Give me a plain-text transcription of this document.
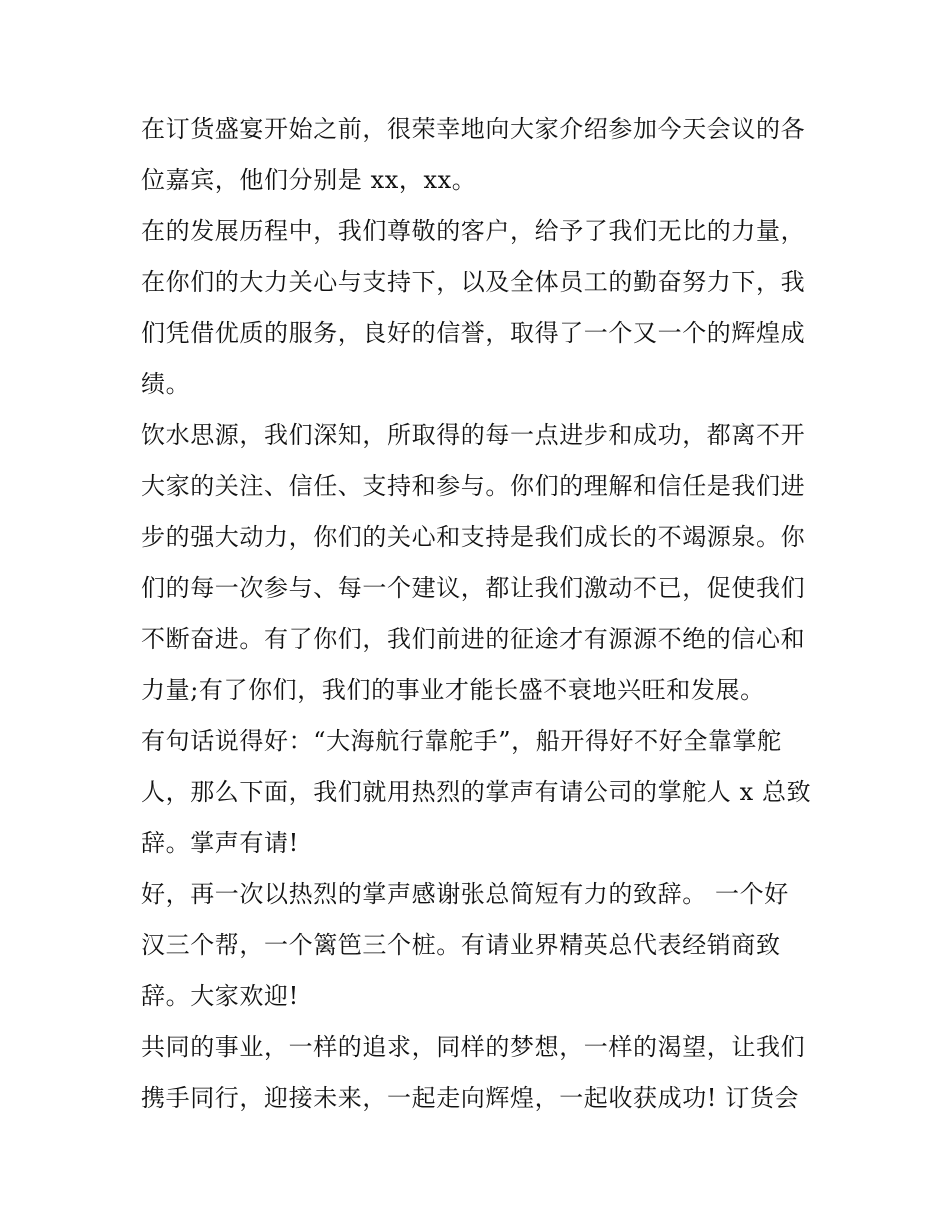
在订货盛宴开始之前，很荣幸地向大家介绍参加今天会议的各
位嘉宾，他们分别是 xx，xx。
在的发展历程中，我们尊敬的客户，给予了我们无比的力量，
在你们的大力关心与支持下，以及全体员工的勤奋努力下，我
们凭借优质的服务，良好的信誉，取得了一个又一个的辉煌成
绩。
饮水思源，我们深知，所取得的每一点进步和成功，都离不开
大家的关注、信任、支持和参与。你们的理解和信任是我们进
步的强大动力，你们的关心和支持是我们成长的不竭源泉。你
们的每一次参与、每一个建议，都让我们激动不已，促使我们
不断奋进。有了你们，我们前进的征途才有源源不绝的信心和
力量;有了你们，我们的事业才能长盛不衰地兴旺和发展。
有句话说得好：“大海航行靠舵手”，船开得好不好全靠掌舵
人，那么下面，我们就用热烈的掌声有请公司的掌舵人 x 总致
辞。掌声有请!
好，再一次以热烈的掌声感谢张总简短有力的致辞。 一个好
汉三个帮，一个篱笆三个桩。有请业界精英总代表经销商致
辞。大家欢迎!
共同的事业，一样的追求，同样的梦想，一样的渴望，让我们
携手同行，迎接未来，一起走向辉煌，一起收获成功! 订货会
